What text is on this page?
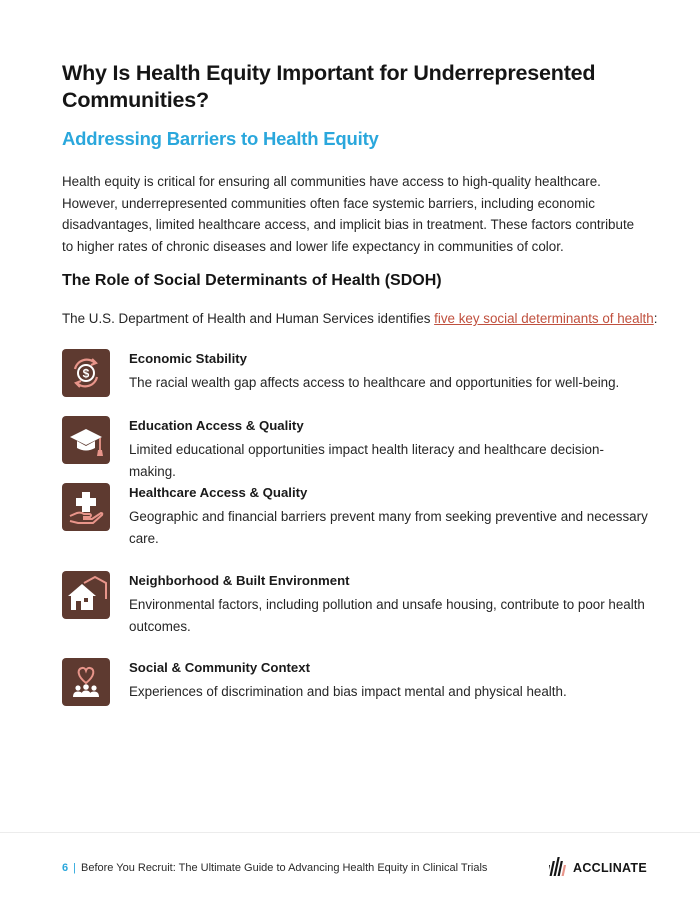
Why Is Health Equity Important for Underrepresented Communities?
Addressing Barriers to Health Equity
Health equity is critical for ensuring all communities have access to high-quality healthcare. However, underrepresented communities often face systemic barriers, including economic disadvantages, limited healthcare access, and implicit bias in treatment. These factors contribute to higher rates of chronic diseases and lower life expectancy in communities of color.
The Role of Social Determinants of Health (SDOH)
The U.S. Department of Health and Human Services identifies five key social determinants of health:
$
Economic Stability
The racial wealth gap affects access to healthcare and opportunities for well-being.
Education Access & Quality
Limited educational opportunities impact health literacy and healthcare decision-making.
Healthcare Access & Quality
Geographic and financial barriers prevent many from seeking preventive and necessary care.
Neighborhood & Built Environment
Environmental factors, including pollution and unsafe housing, contribute to poor health outcomes.
Social & Community Context
Experiences of discrimination and bias impact mental and physical health.
6 | Before You Recruit: The Ultimate Guide to Advancing Health Equity in Clinical Trials	ACCLINATE
